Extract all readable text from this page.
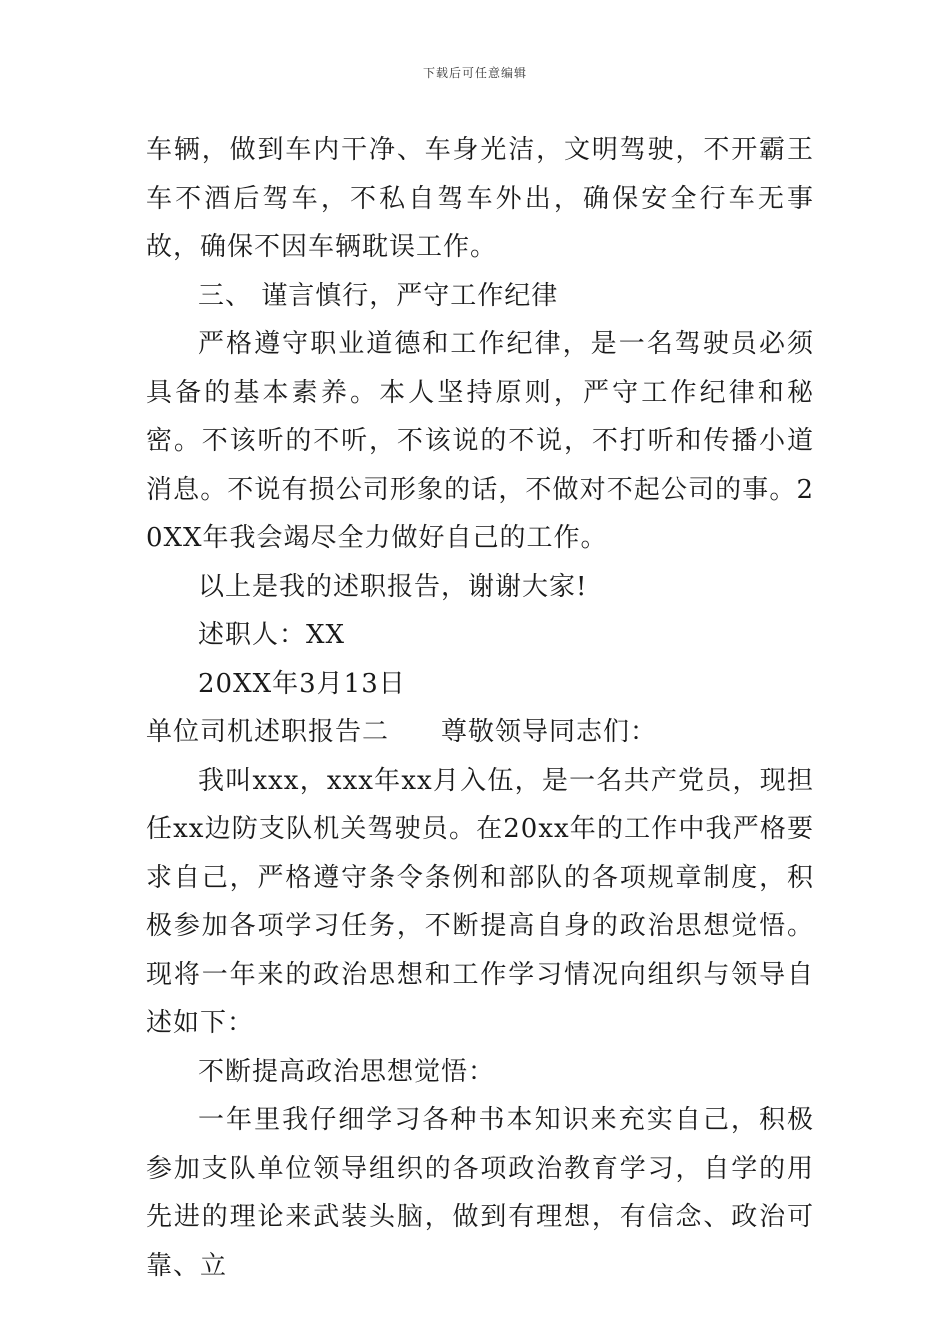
下载后可任意编辑

车辆，做到车内干净、车身光洁，文明驾驶，不开霸王车不酒后驾车，不私自驾车外出，确保安全行车无事故，确保不因车辆耽误工作。

三、 谨言慎行，严守工作纪律

严格遵守职业道德和工作纪律，是一名驾驶员必须具备的基本素养。本人坚持原则，严守工作纪律和秘密。不该听的不听，不该说的不说，不打听和传播小道消息。不说有损公司形象的话，不做对不起公司的事。20XX年我会竭尽全力做好自己的工作。

以上是我的述职报告，谢谢大家!

述职人：XX

20XX年3月13日

单位司机述职报告二 尊敬领导同志们：

我叫xxx，xxx年xx月入伍，是一名共产党员，现担任xx边防支队机关驾驶员。在20xx年的工作中我严格要求自己，严格遵守条令条例和部队的各项规章制度，积极参加各项学习任务，不断提高自身的政治思想觉悟。现将一年来的政治思想和工作学习情况向组织与领导自述如下：

不断提高政治思想觉悟：

一年里我仔细学习各种书本知识来充实自己，积极参加支队单位领导组织的各项政治教育学习，自学的用先进的理论来武装头脑，做到有理想，有信念、政治可靠、立
